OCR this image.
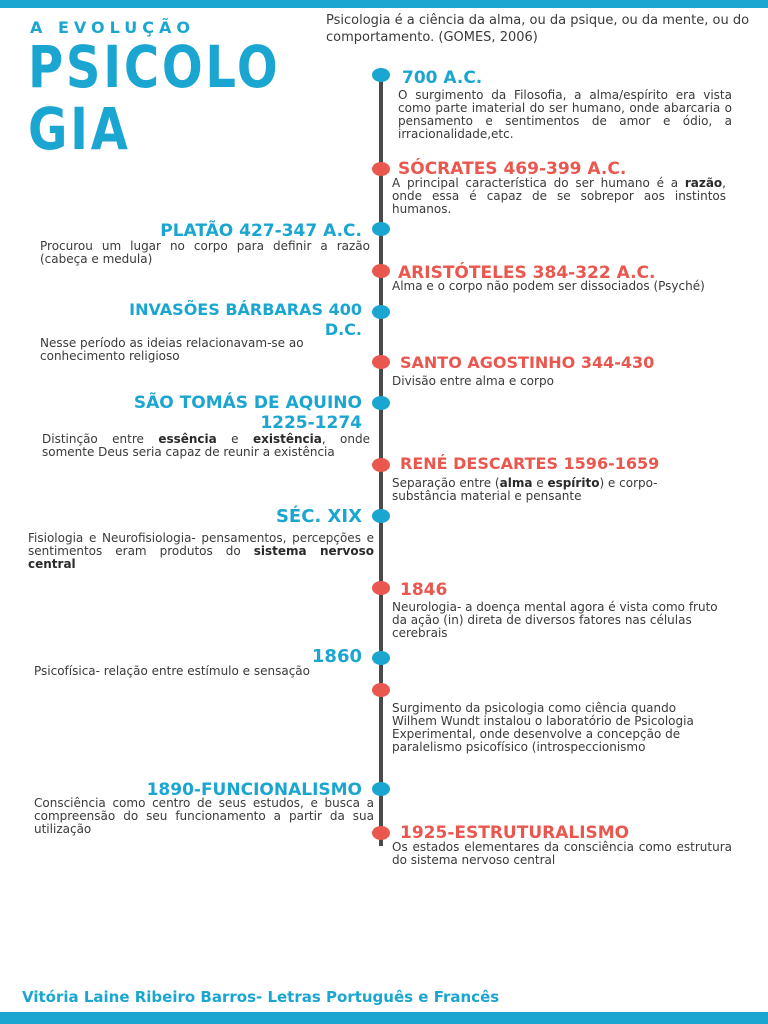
A EVOLUÇÃO
PSICOLO
GIA
Psicologia é a ciência da alma, ou da psique, ou da mente, ou do comportamento. (GOMES, 2006)
700 A.C.
O surgimento da Filosofia, a alma/espírito era vista como parte imaterial do ser humano, onde abarcaria o pensamento e sentimentos de amor e ódio, a irracionalidade,etc.
SÓCRATES 469-399 A.C.
A principal característica do ser humano é a razão, onde essa é capaz de se sobrepor aos instintos humanos.
PLATÃO 427-347 A.C.
Procurou um lugar no corpo para definir a razão (cabeça e medula)
ARISTÓTELES 384-322 A.C.
Alma e o corpo não podem ser dissociados (Psyché)
INVASÕES BÁRBARAS 400
D.C.
Nesse período as ideias relacionavam-se ao conhecimento religioso	SANTO AGOSTINHO 344-430
Divisão entre alma e corpo
SÃO TOMÁS DE AQUINO
1225-1274
Distinção entre essência e existência, onde somente Deus seria capaz de reunir a existência
RENÉ DESCARTES 1596-1659
Separação entre (alma e espírito) e corpo- substância material e pensante
SÉC. XIX
Fisiologia e Neurofisiologia- pensamentos, percepções e sentimentos eram produtos do sistema nervoso central
1846
Neurologia- a doença mental agora é vista como fruto da ação (in) direta de diversos fatores nas células cerebrais
1860
Psicofísica- relação entre estímulo e sensação
Surgimento da psicologia como ciência quando Wilhem Wundt instalou o laboratório de Psicologia Experimental, onde desenvolve a concepção de paralelismo psicofísico (introspeccionismo
1890-FUNCIONALISMO
Consciência como centro de seus estudos, e busca a compreensão do seu funcionamento a partir da sua utilização	1925-ESTRUTURALISMO
Os estados elementares da consciência como estrutura do sistema nervoso central
Vitória Laine Ribeiro Barros- Letras Português e Francês
